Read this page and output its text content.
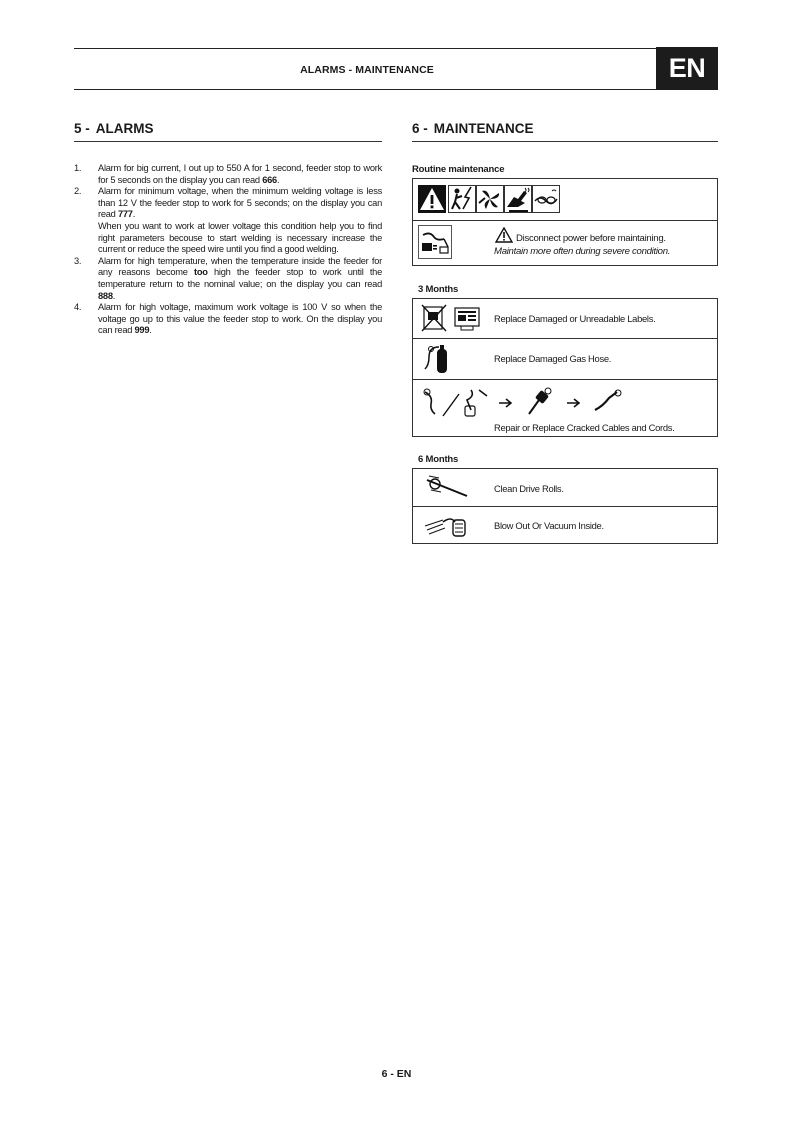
ALARMS - MAINTENANCE	EN
5 - ALARMS	6 - MAINTENANCE
1. Alarm for big current, I out up to 550 A for 1 second, feeder stop to work for 5 seconds on the display you can read 666.
2. Alarm for minimum voltage, when the minimum welding voltage is less than 12 V the feeder stop to work for 5 seconds; on the display you can read 777.
When you want to work at lower voltage this condition help you to find right parameters becouse to start welding is necessary increase the current or reduce the speed wire until you find a good welding.
3. Alarm for high temperature, when the temperature inside the feeder for any reasons become too high the feeder stop to work until the temperature return to the nominal value; on the display you can read 888.
4. Alarm for high voltage, maximum work voltage is 100 V so when the voltage go up to this value the feeder stop to work. On the display you can read 999.
Routine maintenance
Disconnect power before maintaining.
Maintain more often during severe condition.
3 Months
Replace Damaged or Unreadable Labels.
Replace Damaged Gas Hose.
Repair or Replace Cracked Cables and Cords.
6 Months
Clean Drive Rolls.
Blow Out Or Vacuum Inside.
6 - EN
